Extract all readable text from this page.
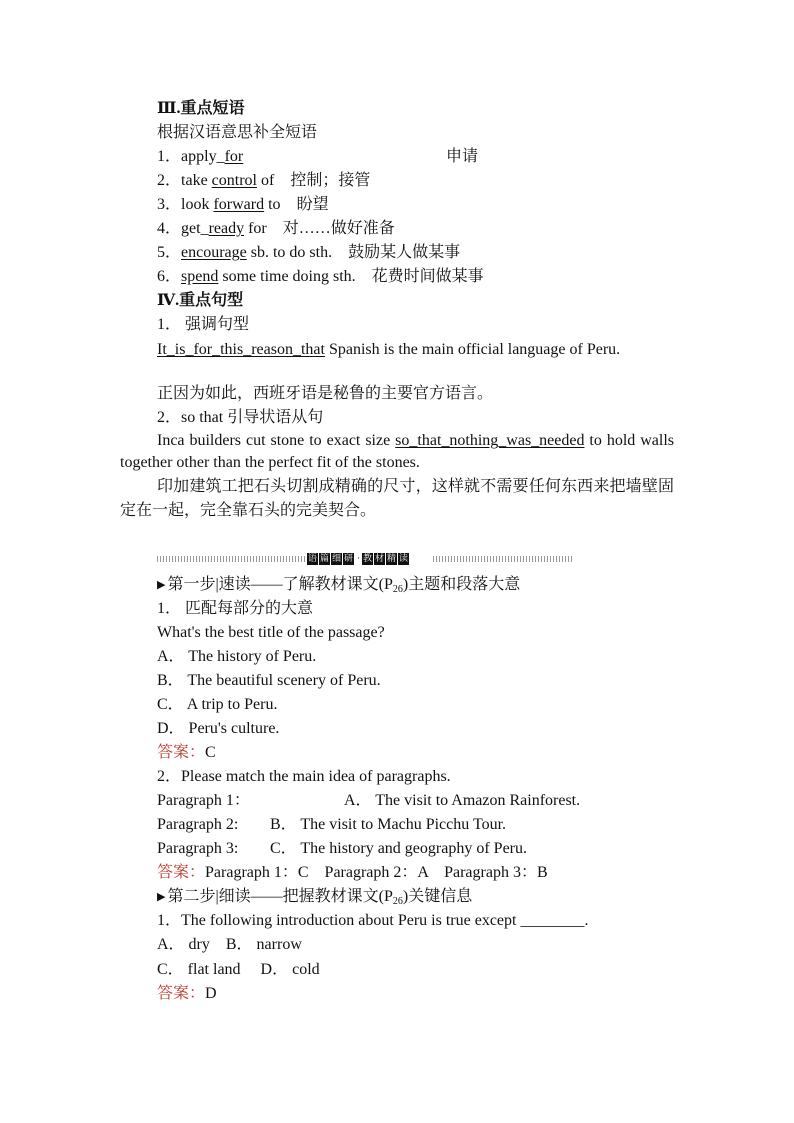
Ⅲ.重点短语
根据汉语意思补全短语
1．apply_for	申请
2．take control of 控制；接管
3．look forward to 盼望
4．get_ready for 对……做好准备
5．encourage sb. to do sth. 鼓励某人做某事
6．spend some time doing sth. 花费时间做某事
Ⅳ.重点句型
1． 强调句型
It_is_for_this_reason_that Spanish is the main official language of Peru.
正因为如此，西班牙语是秘鲁的主要官方语言。
2．so that 引导状语从句
Inca builders cut stone to exact size so_that_nothing_was_needed to hold walls together other than the perfect fit of the stones.
印加建筑工把石头切割成精确的尺寸，这样就不需要任何东西来把墙壁固定在一起，完全靠石头的完美契合。
语 篇 细 研 · 教 材 精 读
▶ 第一步|速读——了解教材课文$(P_{26})$主题和段落大意
1． 匹配每部分的大意
What's the best title of the passage?
A． The history of Peru.
B． The beautiful scenery of Peru.
C． A trip to Peru.
D． Peru's culture.
答案：C
2．Please match the main idea of paragraphs.
Paragraph 1：	A． The visit to Amazon Rainforest.
Paragraph 2: B． The visit to Machu Picchu Tour.
Paragraph 3: C． The history and geography of Peru.
答案：Paragraph 1：C　Paragraph 2：A　Paragraph 3：B
▶ 第二步|细读——把握教材课文$(P_{26})$关键信息
1．The following introduction about Peru is true except ________.
A． dry　B． narrow
C． flat land　 D． cold
答案：D
